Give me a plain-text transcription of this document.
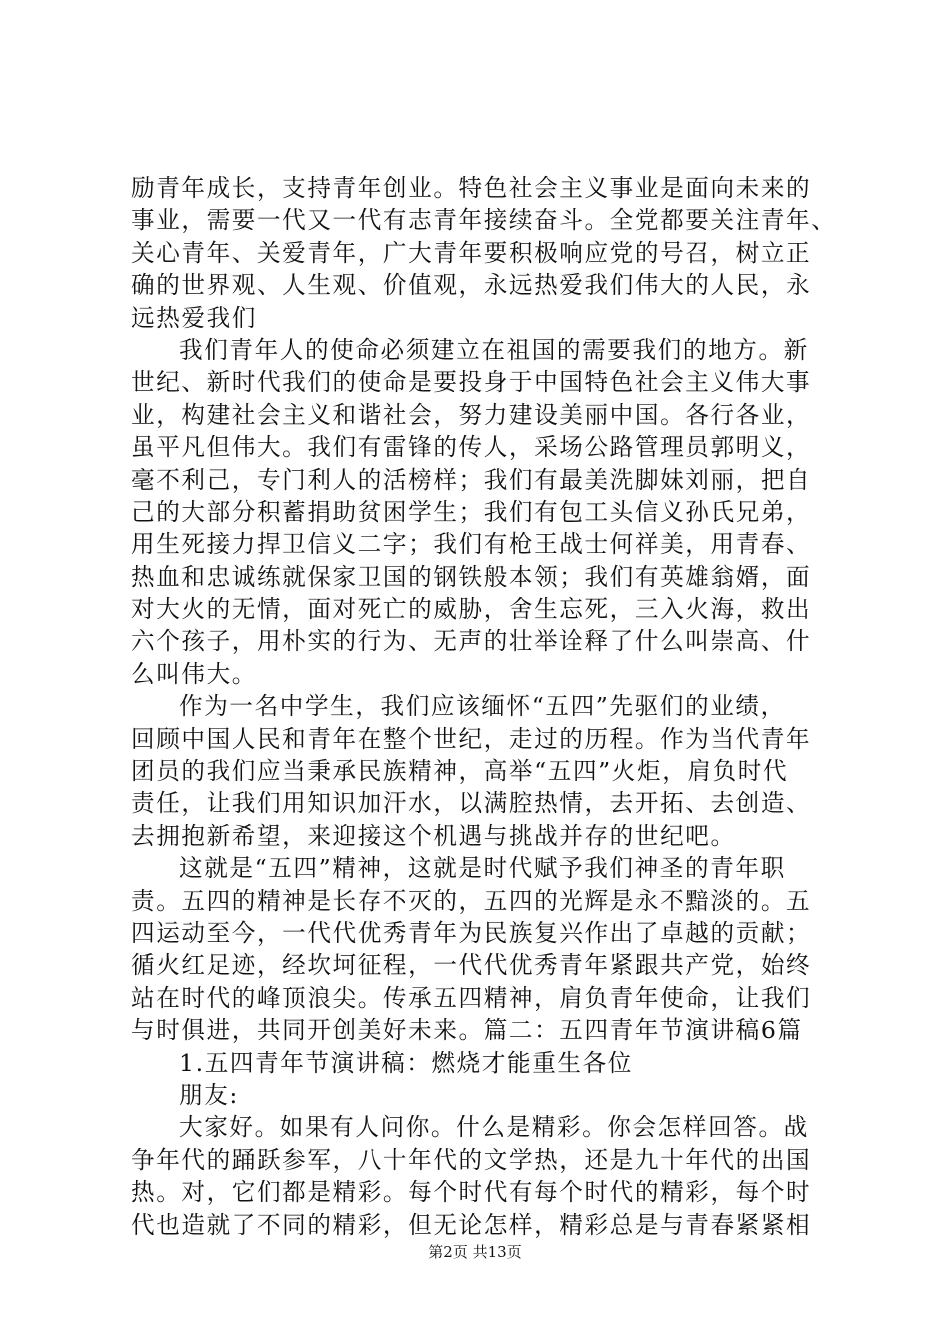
励青年成长，支持青年创业。特色社会主义事业是面向未来的
事业，需要一代又一代有志青年接续奋斗。全党都要关注青年、
关心青年、关爱青年，广大青年要积极响应党的号召，树立正
确的世界观、人生观、价值观，永远热爱我们伟大的人民，永
远热爱我们
我们青年人的使命必须建立在祖国的需要我们的地方。新
世纪、新时代我们的使命是要投身于中国特色社会主义伟大事
业，构建社会主义和谐社会，努力建设美丽中国。各行各业，
虽平凡但伟大。我们有雷锋的传人，采场公路管理员郭明义，
毫不利己，专门利人的活榜样；我们有最美洗脚妹刘丽，把自
己的大部分积蓄捐助贫困学生；我们有包工头信义孙氏兄弟，
用生死接力捍卫信义二字；我们有枪王战士何祥美，用青春、
热血和忠诚练就保家卫国的钢铁般本领；我们有英雄翁婿，面
对大火的无情，面对死亡的威胁，舍生忘死，三入火海，救出
六个孩子，用朴实的行为、无声的壮举诠释了什么叫崇高、什
么叫伟大。
作为一名中学生，我们应该缅怀“五四”先驱们的业绩，
回顾中国人民和青年在整个世纪，走过的历程。作为当代青年
团员的我们应当秉承民族精神，高举“五四”火炬，肩负时代
责任，让我们用知识加汗水，以满腔热情，去开拓、去创造、
去拥抱新希望，来迎接这个机遇与挑战并存的世纪吧。
这就是“五四”精神，这就是时代赋予我们神圣的青年职
责。五四的精神是长存不灭的，五四的光辉是永不黯淡的。五
四运动至今，一代代优秀青年为民族复兴作出了卓越的贡献；
循火红足迹，经坎坷征程，一代代优秀青年紧跟共产党，始终
站在时代的峰顶浪尖。传承五四精神，肩负青年使命，让我们
与时俱进，共同开创美好未来。篇二：五四青年节演讲稿6篇
1.五四青年节演讲稿：燃烧才能重生各位
朋友:
大家好。如果有人问你。什么是精彩。你会怎样回答。战
争年代的踊跃参军，八十年代的文学热，还是九十年代的出国
热。对，它们都是精彩。每个时代有每个时代的精彩，每个时
代也造就了不同的精彩，但无论怎样，精彩总是与青春紧紧相
第2页 共13页
